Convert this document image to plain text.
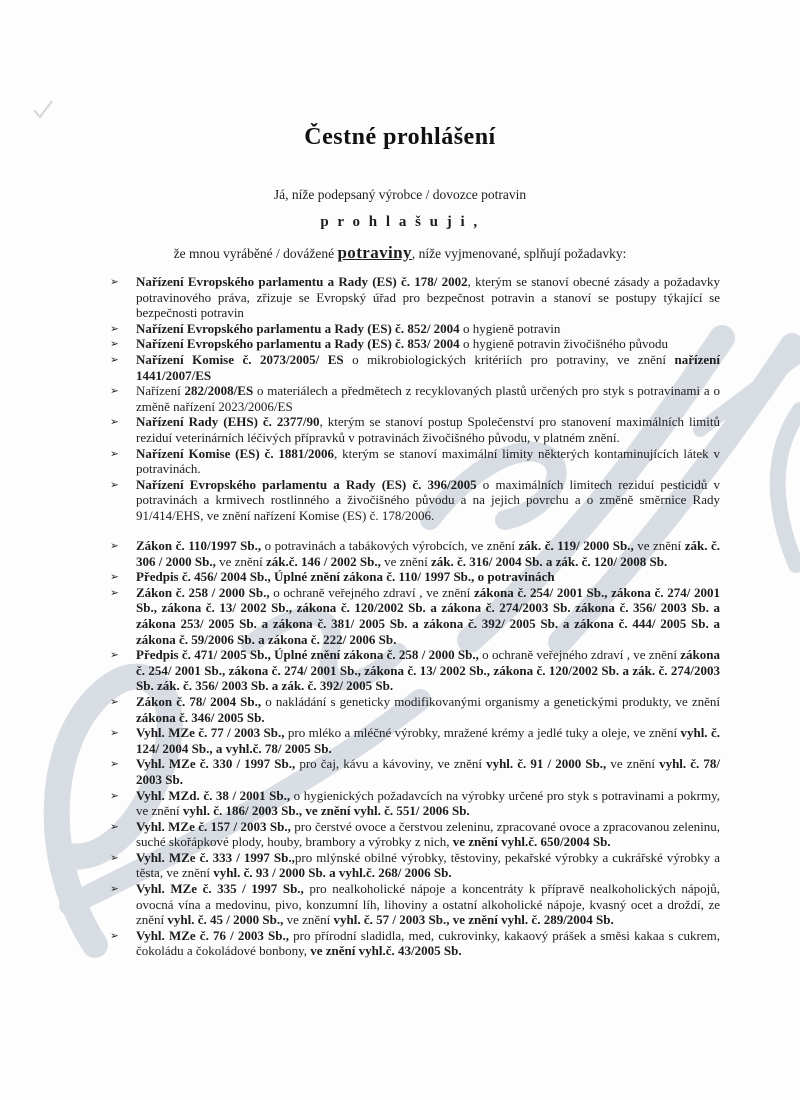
Čestné prohlášení

Já, níže podepsaný výrobce / dovozce potravin

p r o h l a š u j i ,

že mnou vyráběné / dovážené potraviny, níže vyjmenované, splňují požadavky:

➢ Nařízení Evropského parlamentu a Rady (ES) č. 178/ 2002, kterým se stanoví obecné zásady a požadavky potravinového práva, zřizuje se Evropský úřad pro bezpečnost potravin a stanoví se postupy týkající se bezpečnosti potravin
➢ Nařízení Evropského parlamentu a Rady (ES) č. 852/ 2004 o hygieně potravin
➢ Nařízení Evropského parlamentu a Rady (ES) č. 853/ 2004 o hygieně potravin živočišného původu
➢ Nařízení Komise č. 2073/2005/ ES o mikrobiologických kritériích pro potraviny, ve znění nařízení 1441/2007/ES
➢ Nařízení 282/2008/ES o materiálech a předmětech z recyklovaných plastů určených pro styk s potravinami a o změně nařízení 2023/2006/ES
➢ Nařízení Rady (EHS) č. 2377/90, kterým se stanoví postup Společenství pro stanovení maximálních limitů reziduí veterinárních léčivých přípravků v potravinách živočišného původu, v platném znění.
➢ Nařízení Komise (ES) č. 1881/2006, kterým se stanoví maximální limity některých kontaminujících látek v potravinách.
➢ Nařízení Evropského parlamentu a Rady (ES) č. 396/2005 o maximálních limitech reziduí pesticidů v potravinách a krmivech rostlinného a živočišného původu a na jejich povrchu a o změně směrnice Rady 91/414/EHS, ve znění nařízení Komise (ES) č. 178/2006.
➢ Zákon č. 110/1997 Sb., o potravinách a tabákových výrobcích, ve znění zák. č. 119/ 2000 Sb., ve znění zák. č. 306 / 2000 Sb., ve znění zák.č. 146 / 2002 Sb., ve znění zák. č. 316/ 2004 Sb. a zák. č. 120/ 2008 Sb.
➢ Předpis č. 456/ 2004 Sb., Úplné znění zákona č. 110/ 1997 Sb., o potravinách
➢ Zákon č. 258 / 2000 Sb., o ochraně veřejného zdraví , ve znění zákona č. 254/ 2001 Sb., zákona č. 274/ 2001 Sb., zákona č. 13/ 2002 Sb., zákona č. 120/2002 Sb. a zákona č. 274/2003 Sb. zákona č. 356/ 2003 Sb. a zákona 253/ 2005 Sb. a zákona č. 381/ 2005 Sb. a zákona č. 392/ 2005 Sb. a zákona č. 444/ 2005 Sb. a zákona č. 59/2006 Sb. a zákona č. 222/ 2006 Sb.
➢ Předpis č. 471/ 2005 Sb., Úplné znění zákona č. 258 / 2000 Sb., o ochraně veřejného zdraví , ve znění zákona č. 254/ 2001 Sb., zákona č. 274/ 2001 Sb., zákona č. 13/ 2002 Sb., zákona č. 120/2002 Sb. a zák. č. 274/2003 Sb. zák. č. 356/ 2003 Sb. a zák. č. 392/ 2005 Sb.
➢ Zákon č. 78/ 2004 Sb., o nakládání s geneticky modifikovanými organismy a genetickými produkty, ve znění zákona č. 346/ 2005 Sb.
➢ Vyhl. MZe č. 77 / 2003 Sb., pro mléko a mléčné výrobky, mražené krémy a jedlé tuky a oleje, ve znění vyhl. č. 124/ 2004 Sb., a vyhl.č. 78/ 2005 Sb.
➢ Vyhl. MZe č. 330 / 1997 Sb., pro čaj, kávu a kávoviny, ve znění vyhl. č. 91 / 2000 Sb., ve znění vyhl. č. 78/ 2003 Sb.
➢ Vyhl. MZd. č. 38 / 2001 Sb., o hygienických požadavcích na výrobky určené pro styk s potravinami a pokrmy, ve znění vyhl. č. 186/ 2003 Sb., ve znění vyhl. č. 551/ 2006 Sb.
➢ Vyhl. MZe č. 157 / 2003 Sb., pro čerstvé ovoce a čerstvou zeleninu, zpracované ovoce a zpracovanou zeleninu, suché skořápkové plody, houby, brambory a výrobky z nich, ve znění vyhl.č. 650/2004 Sb.
➢ Vyhl. MZe č. 333 / 1997 Sb.,pro mlýnské obilné výrobky, těstoviny, pekařské výrobky a cukrářské výrobky a těsta, ve znění vyhl. č. 93 / 2000 Sb. a vyhl.č. 268/ 2006 Sb.
➢ Vyhl. MZe č. 335 / 1997 Sb., pro nealkoholické nápoje a koncentráty k přípravě nealkoholických nápojů, ovocná vína a medovinu, pivo, konzumní líh, lihoviny a ostatní alkoholické nápoje, kvasný ocet a droždí, ze znění vyhl. č. 45 / 2000 Sb., ve znění vyhl. č. 57 / 2003 Sb., ve znění vyhl. č. 289/2004 Sb.
➢ Vyhl. MZe č. 76 / 2003 Sb., pro přírodní sladidla, med, cukrovinky, kakaový prášek a směsi kakaa s cukrem, čokoládu a čokoládové bonbony, ve znění vyhl.č. 43/2005 Sb.
